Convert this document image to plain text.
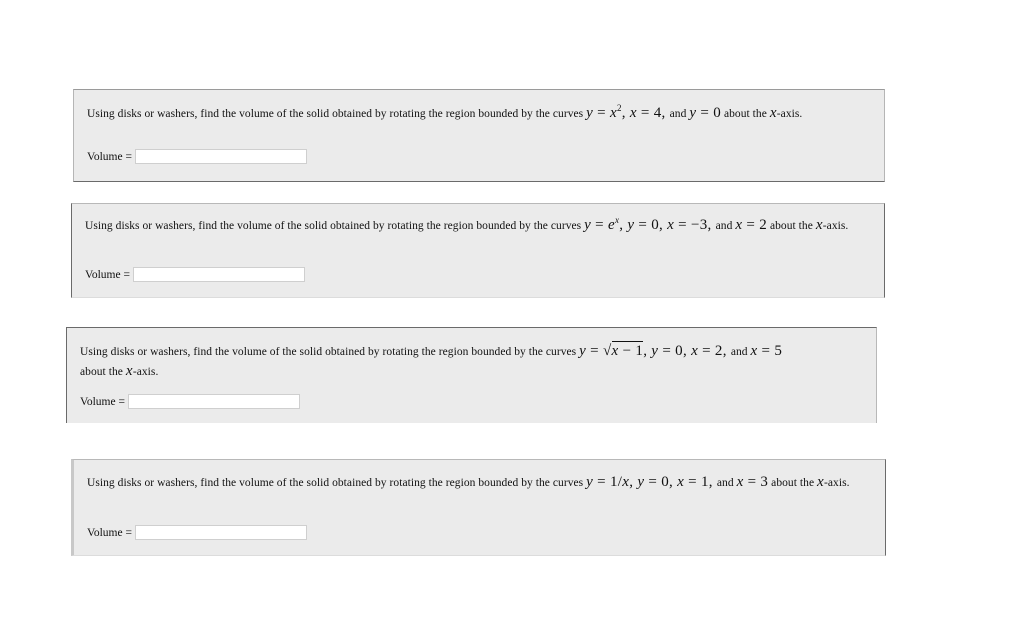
Using disks or washers, find the volume of the solid obtained by rotating the region bounded by the curves $y = x^2$, x = 4, and y = 0 about the x-axis.
Volume =
Using disks or washers, find the volume of the solid obtained by rotating the region bounded by the curves $y = e^x$, y = 0, x = −3, and x = 2 about the x-axis.
Volume =
Using disks or washers, find the volume of the solid obtained by rotating the region bounded by the curves y = √x − 1, y = 0, x = 2, and x = 5
about the x-axis.
Volume =
Using disks or washers, find the volume of the solid obtained by rotating the region bounded by the curves y = 1/x, y = 0, x = 1, and x = 3 about the x-axis.
Volume =
